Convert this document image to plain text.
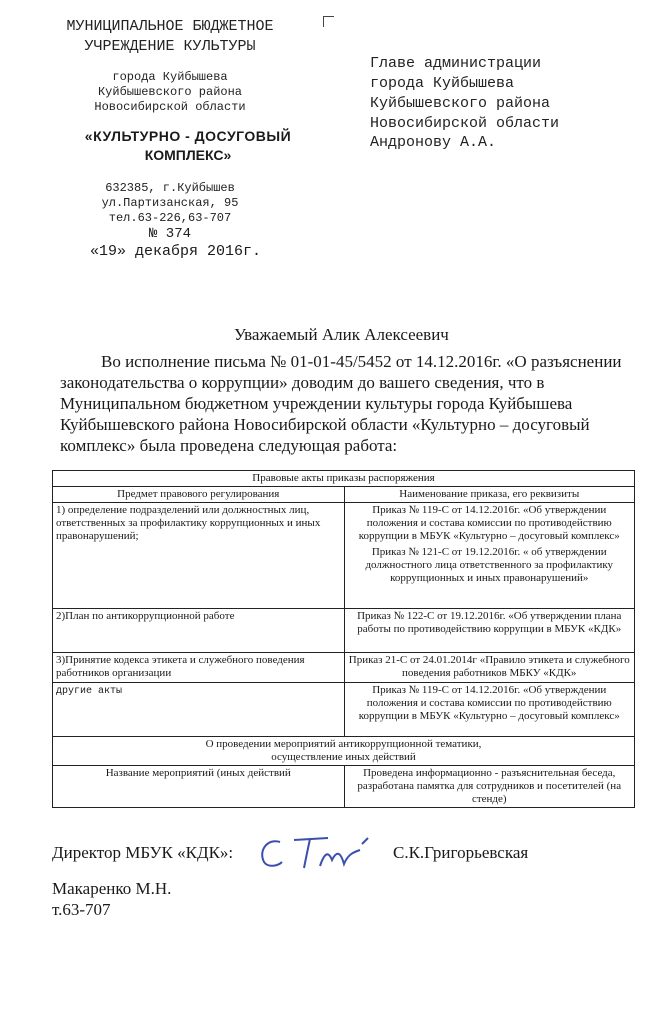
МУНИЦИПАЛЬНОЕ БЮДЖЕТНОЕ
УЧРЕЖДЕНИЕ КУЛЬТУРЫ
города Куйбышева
Куйбышевского района
Новосибирской области
«КУЛЬТУРНО - ДОСУГОВЫЙ
КОМПЛЕКС»
632385, г.Куйбышев
ул.Партизанская, 95
тел.63-226,63-707
№ 374
«19» декабря 2016г.
Главе администрации
города Куйбышева
Куйбышевского района
Новосибирской области
Андронову А.А.
Уважаемый Алик Алексеевич
Во исполнение письма № 01-01-45/5452 от 14.12.2016г. «О разъяснении
законодательства о коррупции» доводим до вашего сведения, что в
Муниципальном бюджетном учреждении культуры города Куйбышева
Куйбышевского района Новосибирской области «Культурно – досуговый
комплекс» была проведена следующая работа:
Правовые акты приказы распоряжения	
Предмет правового регулирования	Наименование приказа, его реквизиты
1) определение подразделений или должностных лиц, ответственных за профилактику коррупционных и иных правонарушений;	Приказ № 119-С от 14.12.2016г. «Об утверждении положения и состава комиссии по противодействию коррупции в МБУК «Культурно – досуговый комплекс»
Приказ № 121-С от 19.12.2016г. « об утверждении должностного лица ответственного за профилактику коррупционных и иных правонарушений»

2)План по антикоррупционной работе	Приказ № 122-С от 19.12.2016г. «Об утверждении плана работы по противодействию коррупции в МБУК «КДК»
3)Принятие кодекса этикета и служебного поведения работников организации	Приказ 21-С от 24.01.2014г «Правило этикета и служебного поведения работников МБКУ «КДК»
другие акты	Приказ № 119-С от 14.12.2016г. «Об утверждении положения и состава комиссии по противодействию коррупции в МБУК «Культурно – досуговый комплекс»

О проведении мероприятий антикоррупционной тематики,
осуществление иных действий	

Название мероприятий (иных действий	Проведена информационно - разъяснительная беседа, разработана памятка для сотрудников и посетителей (на стенде)
Директор МБУК «КДК»:	С.К.Григорьевская
Макаренко М.Н.
т.63-707
